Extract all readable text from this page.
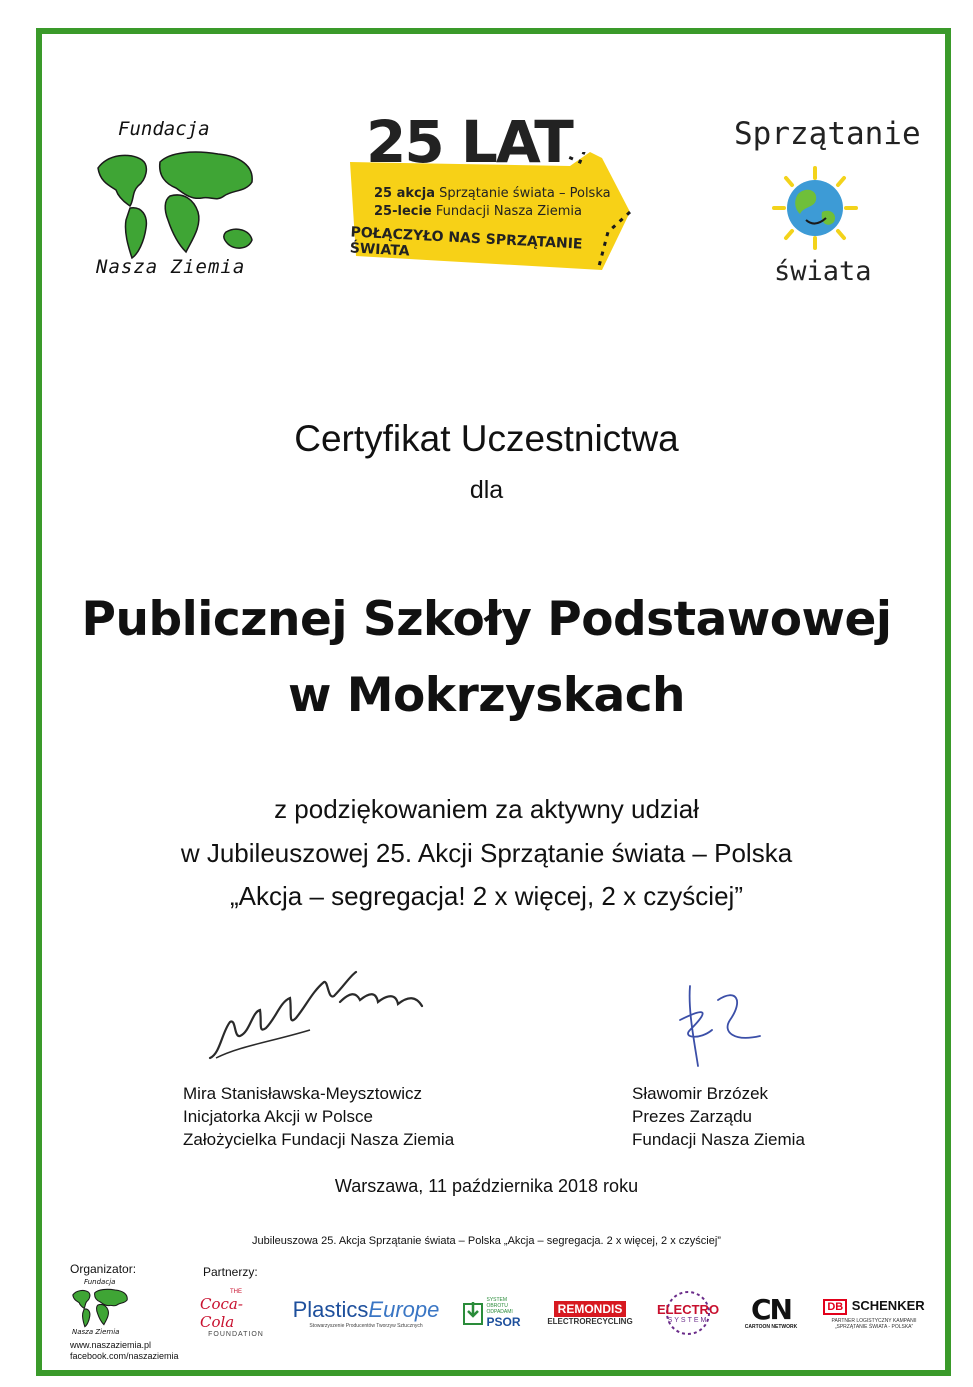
Fundacja
Nasza Ziemia
25 LAT
25 akcja Sprzątanie świata – Polska
25-lecie Fundacji Nasza Ziemia
POŁĄCZYŁO NAS SPRZĄTANIE ŚWIATA
Sprzątanie
świata
Certyfikat Uczestnictwa
dla
Publicznej Szkoły Podstawowej
w Mokrzyskach
z podziękowaniem za aktywny udział
w Jubileuszowej 25. Akcji Sprzątanie świata – Polska
„Akcja – segregacja! 2 x więcej, 2 x czyściej”
Mira Stanisławska-Meysztowicz
Inicjatorka Akcji w Polsce
Założycielka Fundacji Nasza Ziemia
Sławomir Brzózek
Prezes Zarządu
Fundacji Nasza Ziemia
Warszawa, 11 października 2018 roku
Jubileuszowa 25. Akcja Sprzątanie świata – Polska „Akcja – segregacja. 2 x więcej, 2 x czyściej”
Organizator:	Partnerzy:
Fundacja
Nasza Ziemia
www.naszaziemia.pl
facebook.com/naszaziemia
THE
Coca-Cola
FOUNDATION
PlasticsEurope
Stowarzyszenie Producentów Tworzyw Sztucznych
SYSTEM OBROTU ODPADAMI
PSOR
REMONDIS
ELECTRORECYCLING
ELECTRO
SYSTEM	CN
CARTOON NETWORK
DB SCHENKER
PARTNER LOGISTYCZNY KAMPANII
„SPRZĄTANIE ŚWIATA - POLSKA”
